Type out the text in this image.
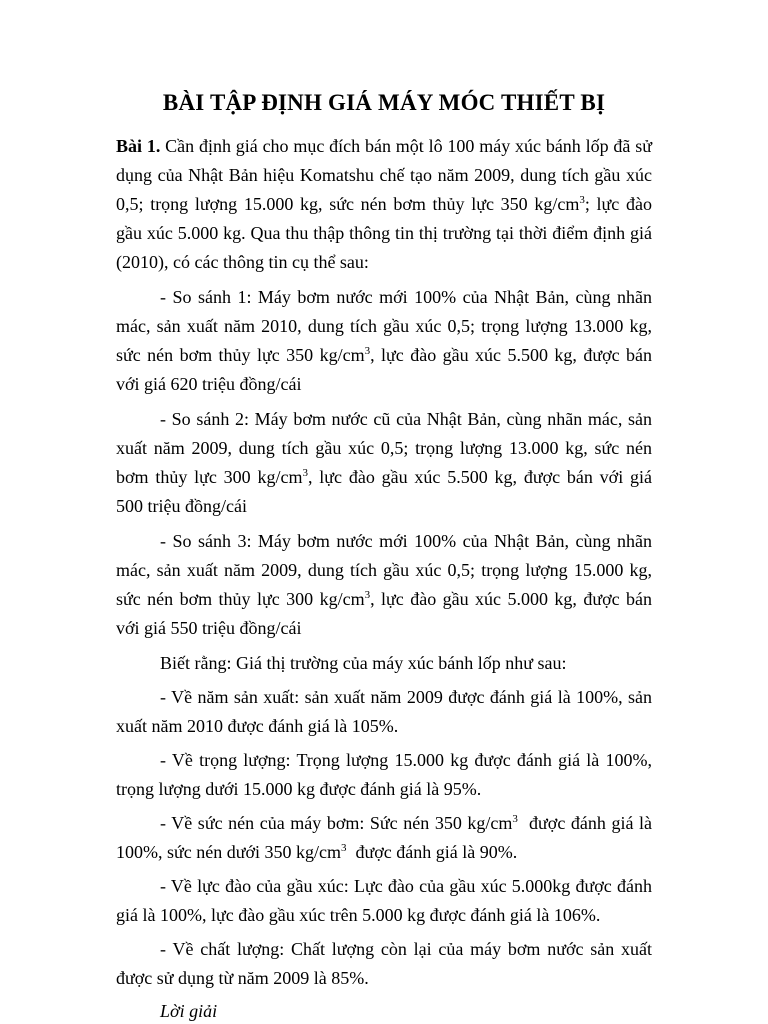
BÀI TẬP ĐỊNH GIÁ MÁY MÓC THIẾT BỊ
Bài 1. Cần định giá cho mục đích bán một lô 100 máy xúc bánh lốp đã sử
dụng của Nhật Bản hiệu Komatshu chế tạo năm 2009, dung tích gầu xúc
0,5; trọng lượng 15.000 kg, sức nén bơm thủy lực 350 $kg/cm^3$; lực đào
gầu xúc 5.000 kg. Qua thu thập thông tin thị trường tại thời điểm định giá
(2010), có các thông tin cụ thể sau:
- So sánh 1: Máy bơm nước mới 100% của Nhật Bản, cùng nhãn
mác, sản xuất năm 2010, dung tích gầu xúc 0,5; trọng lượng 13.000 kg,
sức nén bơm thủy lực 350 $kg/cm^3$, lực đào gầu xúc 5.500 kg, được bán
với giá 620 triệu đồng/cái
- So sánh 2: Máy bơm nước cũ của Nhật Bản, cùng nhãn mác, sản
xuất năm 2009, dung tích gầu xúc 0,5; trọng lượng 13.000 kg, sức nén
bơm thủy lực 300 $kg/cm^3$, lực đào gầu xúc 5.500 kg, được bán với giá
500 triệu đồng/cái
- So sánh 3: Máy bơm nước mới 100% của Nhật Bản, cùng nhãn
mác, sản xuất năm 2009, dung tích gầu xúc 0,5; trọng lượng 15.000 kg,
sức nén bơm thủy lực 300 $kg/cm^3$, lực đào gầu xúc 5.000 kg, được bán
với giá 550 triệu đồng/cái
Biết rằng: Giá thị trường của máy xúc bánh lốp như sau:
- Về năm sản xuất: sản xuất năm 2009 được đánh giá là 100%, sản
xuất năm 2010 được đánh giá là 105%.
- Về trọng lượng: Trọng lượng 15.000 kg được đánh giá là 100%,
trọng lượng dưới 15.000 kg được đánh giá là 95%.
- Về sức nén của máy bơm: Sức nén 350 $kg/cm^3$  được đánh giá là
100%, sức nén dưới 350 $kg/cm^3$  được đánh giá là 90%.
- Về lực đào của gầu xúc: Lực đào của gầu xúc 5.000kg được đánh
giá là 100%, lực đào gầu xúc trên 5.000 kg được đánh giá là 106%.
- Về chất lượng: Chất lượng còn lại của máy bơm nước sản xuất
được sử dụng từ năm 2009 là 85%.
Lời giải
